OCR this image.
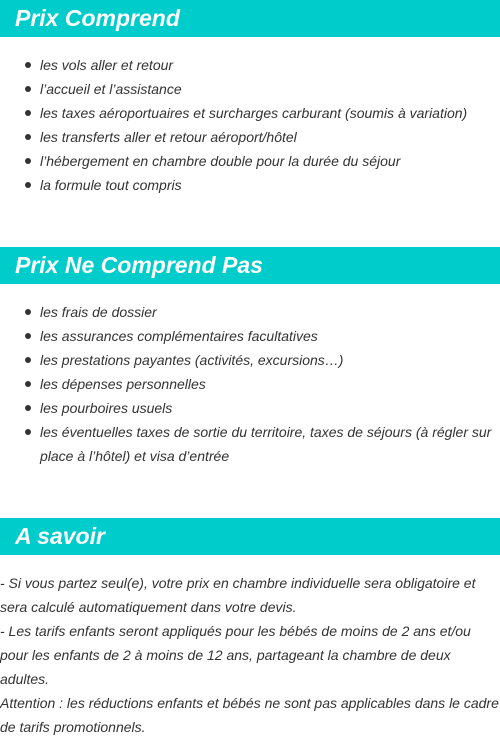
Prix Comprend
les vols aller et retour
l’accueil et l’assistance
les taxes aéroportuaires et surcharges carburant (soumis à variation)
les transferts aller et retour aéroport/hôtel
l’hébergement en chambre double pour la durée du séjour
la formule tout compris
Prix Ne Comprend Pas
les frais de dossier
les assurances complémentaires facultatives
les prestations payantes (activités, excursions…)
les dépenses personnelles
les pourboires usuels
les éventuelles taxes de sortie du territoire, taxes de séjours (à régler sur place à l’hôtel) et visa d’entrée
A savoir

- Si vous partez seul(e), votre prix en chambre individuelle sera obligatoire et sera calculé automatiquement dans votre devis.

- Les tarifs enfants seront appliqués pour les bébés de moins de 2 ans et/ou pour les enfants de 2 à moins de 12 ans, partageant la chambre de deux adultes.

Attention : les réductions enfants et bébés ne sont pas applicables dans le cadre de tarifs promotionnels.
